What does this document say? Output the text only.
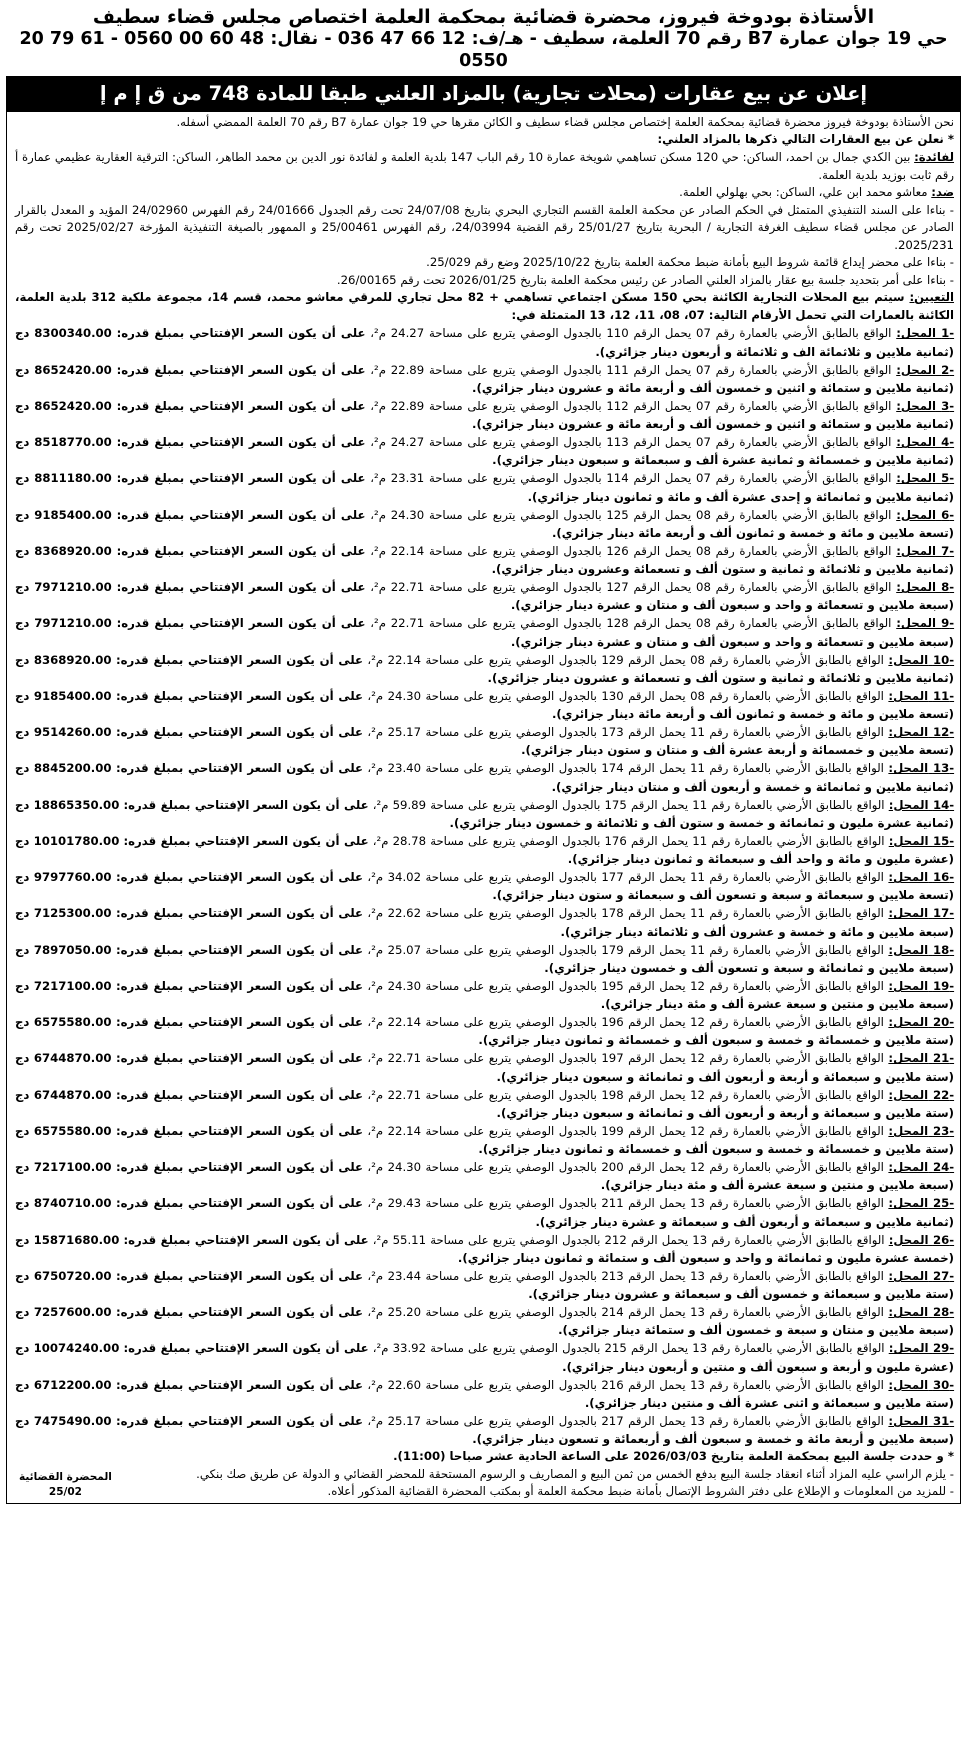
الأستاذة بودوخة فيروز، محضرة قضائية بمحكمة العلمة اختصاص مجلس قضاء سطيف
حي 19 جوان عمارة B7 رقم 70 العلمة، سطيف - هـ/ف: 12 66 47 036 - نقال: 48 60 00 0560 - 61 79 20 0550
إعلان عن بيع عقارات (محلات تجارية) بالمزاد العلني طبقا للمادة 748 من ق إ م إ

نحن الأستاذة بودوخة فيروز محضرة قضائية بمحكمة العلمة إختصاص مجلس قضاء سطيف و الكائن مقرها حي 19 جوان عمارة B7 رقم 70 العلمة الممضي أسفله.

* نعلن عن بيع العقارات التالي ذكرها بالمزاد العلني:

لفائدة: بين الكدي جمال بن احمد، الساكن: حي 120 مسكن تساهمي شويخة عمارة 10 رقم الباب 147 بلدية العلمة و لفائدة نور الدين بن محمد الطاهر، الساكن: الترقية العقارية عظيمي عمارة أ رقم ثابت بوزيد بلدية العلمة.

ضد: معاشو محمد ابن علي، الساكن: بحي بهلولي العلمة.

- بناءا على السند التنفيذي المتمثل في الحكم الصادر عن محكمة العلمة القسم التجاري البحري بتاريخ 24/07/08 تحت رقم الجدول 24/01666 رقم الفهرس 24/02960 المؤيد و المعدل بالقرار الصادر عن مجلس قضاء سطيف الغرفة التجارية / البحرية بتاريخ 25/01/27 رقم القضية 24/03994، رقم الفهرس 25/00461 و الممهور بالصيغة التنفيذية المؤرخة 2025/02/27 تحت رقم 2025/231.

- بناءا على محضر إيداع قائمة شروط البيع بأمانة ضبط محكمة العلمة بتاريخ 2025/10/22 وضع رقم 25/029.

- بناءا على أمر بتحديد جلسة بيع عقار بالمزاد العلني الصادر عن رئيس محكمة العلمة بتاريخ 2026/01/25 تحت رقم 26/00165.

التعيين: سيتم بيع المحلات التجارية الكائنة بحي 150 مسكن اجتماعي تساهمي + 82 محل تجاري للمرقي معاشو محمد، قسم 14، مجموعة ملكية 312 بلدية العلمة، الكائنة بالعمارات التي تحمل الأرقام التالية: 07، 08، 11، 12، 13 المتمثلة في:

-1 المحل: الواقع بالطابق الأرضي بالعمارة رقم 07 يحمل الرقم 110 بالجدول الوصفي يتربع على مساحة 24.27 م²، على أن يكون السعر الإفتتاحي بمبلغ قدره: 8300340.00 دج (ثمانية ملايين و ثلاثمائة الف و ثلاثمائة و أربعون دينار جزائري).

-2 المحل: الواقع بالطابق الأرضي بالعمارة رقم 07 يحمل الرقم 111 بالجدول الوصفي يتربع على مساحة 22.89 م²، على أن يكون السعر الإفتتاحي بمبلغ قدره: 8652420.00 دج (ثمانية ملايين و ستمائة و اثنين و خمسون ألف و أربعة مائة و عشرون دينار جزائري).

-3 المحل: الواقع بالطابق الأرضي بالعمارة رقم 07 يحمل الرقم 112 بالجدول الوصفي يتربع على مساحة 22.89 م²، على أن يكون السعر الإفتتاحي بمبلغ قدره: 8652420.00 دج (ثمانية ملايين و ستمائة و اثنين و خمسون ألف و أربعة مائة و عشرون دينار جزائري).

-4 المحل: الواقع بالطابق الأرضي بالعمارة رقم 07 يحمل الرقم 113 بالجدول الوصفي يتربع على مساحة 24.27 م²، على أن يكون السعر الإفتتاحي بمبلغ قدره: 8518770.00 دج (ثمانية ملايين و خمسمائة و ثمانية عشرة ألف و سبعمائة و سبعون دينار جزائري).

-5 المحل: الواقع بالطابق الأرضي بالعمارة رقم 07 يحمل الرقم 114 بالجدول الوصفي يتربع على مساحة 23.31 م²، على أن يكون السعر الإفتتاحي بمبلغ قدره: 8811180.00 دج (ثمانية ملايين و ثمانمائة و إحدى عشرة ألف و مائة و ثمانون دينار جزائري).

-6 المحل: الواقع بالطابق الأرضي بالعمارة رقم 08 يحمل الرقم 125 بالجدول الوصفي يتربع على مساحة 24.30 م²، على أن يكون السعر الإفتتاحي بمبلغ قدره: 9185400.00 دج (تسعة ملايين و مائة و خمسة و ثمانون ألف و أربعة مائة دينار جزائري).

-7 المحل: الواقع بالطابق الأرضي بالعمارة رقم 08 يحمل الرقم 126 بالجدول الوصفي يتربع على مساحة 22.14 م²، على أن يكون السعر الإفتتاحي بمبلغ قدره: 8368920.00 دج (ثمانية ملايين و ثلاثمائة و ثمانية و ستون ألف و تسعمائة وعشرون دينار جزائري).

-8 المحل: الواقع بالطابق الأرضي بالعمارة رقم 08 يحمل الرقم 127 بالجدول الوصفي يتربع على مساحة 22.71 م²، على أن يكون السعر الإفتتاحي بمبلغ قدره: 7971210.00 دج (سبعة ملايين و تسعمائة و واحد و سبعون ألف و منتان و عشرة دينار جزائري).

-9 المحل: الواقع بالطابق الأرضي بالعمارة رقم 08 يحمل الرقم 128 بالجدول الوصفي يتربع على مساحة 22.71 م²، على أن يكون السعر الإفتتاحي بمبلغ قدره: 7971210.00 دج (سبعة ملايين و تسعمائة و واحد و سبعون ألف و منتان و عشرة دينار جزائري).

-10 المحل: الواقع بالطابق الأرضي بالعمارة رقم 08 يحمل الرقم 129 بالجدول الوصفي يتربع على مساحة 22.14 م²، على أن يكون السعر الإفتتاحي بمبلغ قدره: 8368920.00 دج (ثمانية ملايين و ثلاثمائة و ثمانية و ستون ألف و تسعمائة و عشرون دينار جزائري).

-11 المحل: الواقع بالطابق الأرضي بالعمارة رقم 08 يحمل الرقم 130 بالجدول الوصفي يتربع على مساحة 24.30 م²، على أن يكون السعر الإفتتاحي بمبلغ قدره: 9185400.00 دج (تسعة ملايين و مائة و خمسة و ثمانون ألف و أربعة مائة دينار جزائري).

-12 المحل: الواقع بالطابق الأرضي بالعمارة رقم 11 يحمل الرقم 173 بالجدول الوصفي يتربع على مساحة 25.17 م²، على أن يكون السعر الإفتتاحي بمبلغ قدره: 9514260.00 دج (تسعة ملايين و خمسمائة و أربعة عشرة ألف و منتان و ستون دينار جزائري).

-13 المحل: الواقع بالطابق الأرضي بالعمارة رقم 11 يحمل الرقم 174 بالجدول الوصفي يتربع على مساحة 23.40 م²، على أن يكون السعر الإفتتاحي بمبلغ قدره: 8845200.00 دج (ثمانية ملايين و ثمانمائة و خمسة و أربعون ألف و منتان دينار جزائري).

-14 المحل: الواقع بالطابق الأرضي بالعمارة رقم 11 يحمل الرقم 175 بالجدول الوصفي يتربع على مساحة 59.89 م²، على أن يكون السعر الإفتتاحي بمبلغ قدره: 18865350.00 دج (ثمانية عشرة مليون و ثمانمائة و خمسة و ستون ألف و ثلاثمائة و خمسون دينار جزائري).

-15 المحل: الواقع بالطابق الأرضي بالعمارة رقم 11 يحمل الرقم 176 بالجدول الوصفي يتربع على مساحة 28.78 م²، على أن يكون السعر الإفتتاحي بمبلغ قدره: 10101780.00 دج (عشرة مليون و مائة و واحد ألف و سبعمائة و ثمانون دينار جزائري).

-16 المحل: الواقع بالطابق الأرضي بالعمارة رقم 11 يحمل الرقم 177 بالجدول الوصفي يتربع على مساحة 34.02 م²، على أن يكون السعر الإفتتاحي بمبلغ قدره: 9797760.00 دج (تسعة ملايين و سبعمائة و سبعة و تسعون ألف و سبعمائة و ستون دينار جزائري).

-17 المحل: الواقع بالطابق الأرضي بالعمارة رقم 11 يحمل الرقم 178 بالجدول الوصفي يتربع على مساحة 22.62 م²، على أن يكون السعر الإفتتاحي بمبلغ قدره: 7125300.00 دج (سبعة ملايين و مائة و خمسة و عشرون ألف و ثلاثمائة دينار جزائري).

-18 المحل: الواقع بالطابق الأرضي بالعمارة رقم 11 يحمل الرقم 179 بالجدول الوصفي يتربع على مساحة 25.07 م²، على أن يكون السعر الإفتتاحي بمبلغ قدره: 7897050.00 دج (سبعة ملايين و ثمانمائة و سبعة و تسعون ألف و خمسون دينار جزائري).

-19 المحل: الواقع بالطابق الأرضي بالعمارة رقم 12 يحمل الرقم 195 بالجدول الوصفي يتربع على مساحة 24.30 م²، على أن يكون السعر الإفتتاحي بمبلغ قدره: 7217100.00 دج (سبعة ملايين و منتين و سبعة عشرة ألف و مئة دينار جزائري).

-20 المحل: الواقع بالطابق الأرضي بالعمارة رقم 12 يحمل الرقم 196 بالجدول الوصفي يتربع على مساحة 22.14 م²، على أن يكون السعر الإفتتاحي بمبلغ قدره: 6575580.00 دج (ستة ملايين و خمسمائة و خمسة و سبعون ألف و خمسمائة و ثمانون دينار جزائري).

-21 المحل: الواقع بالطابق الأرضي بالعمارة رقم 12 يحمل الرقم 197 بالجدول الوصفي يتربع على مساحة 22.71 م²، على أن يكون السعر الإفتتاحي بمبلغ قدره: 6744870.00 دج (ستة ملايين و سبعمائة و أربعة و أربعون ألف و ثمانمائة و سبعون دينار جزائري).

-22 المحل: الواقع بالطابق الأرضي بالعمارة رقم 12 يحمل الرقم 198 بالجدول الوصفي يتربع على مساحة 22.71 م²، على أن يكون السعر الإفتتاحي بمبلغ قدره: 6744870.00 دج (ستة ملايين و سبعمائة و أربعة و أربعون ألف و ثمانمائة و سبعون دينار جزائري).

-23 المحل: الواقع بالطابق الأرضي بالعمارة رقم 12 يحمل الرقم 199 بالجدول الوصفي يتربع على مساحة 22.14 م²، على أن يكون السعر الإفتتاحي بمبلغ قدره: 6575580.00 دج (ستة ملايين و خمسمائة و خمسة و سبعون ألف و خمسمائة و ثمانون دينار جزائري).

-24 المحل: الواقع بالطابق الأرضي بالعمارة رقم 12 يحمل الرقم 200 بالجدول الوصفي يتربع على مساحة 24.30 م²، على أن يكون السعر الإفتتاحي بمبلغ قدره: 7217100.00 دج (سبعة ملايين و منتين و سبعة عشرة ألف و مئة دينار جزائري).

-25 المحل: الواقع بالطابق الأرضي بالعمارة رقم 13 يحمل الرقم 211 بالجدول الوصفي يتربع على مساحة 29.43 م²، على أن يكون السعر الإفتتاحي بمبلغ قدره: 8740710.00 دج (ثمانية ملايين و سبعمائة و أربعون ألف و سبعمائة و عشرة دينار جزائري).

-26 المحل: الواقع بالطابق الأرضي بالعمارة رقم 13 يحمل الرقم 212 بالجدول الوصفي يتربع على مساحة 55.11 م²، على أن يكون السعر الإفتتاحي بمبلغ قدره: 15871680.00 دج (خمسة عشرة مليون و ثمانمائة و واحد و سبعون ألف و ستمائة و ثمانون دينار جزائري).

-27 المحل: الواقع بالطابق الأرضي بالعمارة رقم 13 يحمل الرقم 213 بالجدول الوصفي يتربع على مساحة 23.44 م²، على أن يكون السعر الإفتتاحي بمبلغ قدره: 6750720.00 دج (ستة ملايين و سبعمائة و خمسون ألف و سبعمائة و عشرون دينار جزائري).

-28 المحل: الواقع بالطابق الأرضي بالعمارة رقم 13 يحمل الرقم 214 بالجدول الوصفي يتربع على مساحة 25.20 م²، على أن يكون السعر الإفتتاحي بمبلغ قدره: 7257600.00 دج (سبعة ملايين و منتان و سبعة و خمسون ألف و ستمائة دينار جزائري).

-29 المحل: الواقع بالطابق الأرضي بالعمارة رقم 13 يحمل الرقم 215 بالجدول الوصفي يتربع على مساحة 33.92 م²، على أن يكون السعر الإفتتاحي بمبلغ قدره: 10074240.00 دج (عشرة مليون و أربعة و سبعون ألف و منتين و أربعون دينار جزائري).

-30 المحل: الواقع بالطابق الأرضي بالعمارة رقم 13 يحمل الرقم 216 بالجدول الوصفي يتربع على مساحة 22.60 م²، على أن يكون السعر الإفتتاحي بمبلغ قدره: 6712200.00 دج (ستة ملايين و سبعمائة و اثنى عشرة ألف و منتين دينار جزائري).

-31 المحل: الواقع بالطابق الأرضي بالعمارة رقم 13 يحمل الرقم 217 بالجدول الوصفي يتربع على مساحة 25.17 م²، على أن يكون السعر الإفتتاحي بمبلغ قدره: 7475490.00 دج (سبعة ملايين و أربعة مائة و خمسة و سبعون ألف و أربعمائة و تسعون دينار جزائري).

* و حددت جلسة البيع بمحكمة العلمة بتاريخ 2026/03/03 على الساعة الحادية عشر صباحا (11:00).

- يلزم الراسي عليه المزاد أثناء انعقاد جلسة البيع بدفع الخمس من ثمن البيع و المصاريف و الرسوم المستحقة للمحضر القضائي و الدولة عن طريق صك بنكي.

- للمزيد من المعلومات و الإطلاع على دفتر الشروط الإتصال بأمانة ضبط محكمة العلمة أو بمكتب المحضرة القضائية المذكور أعلاه.

المحضرة القضائية
25/02
